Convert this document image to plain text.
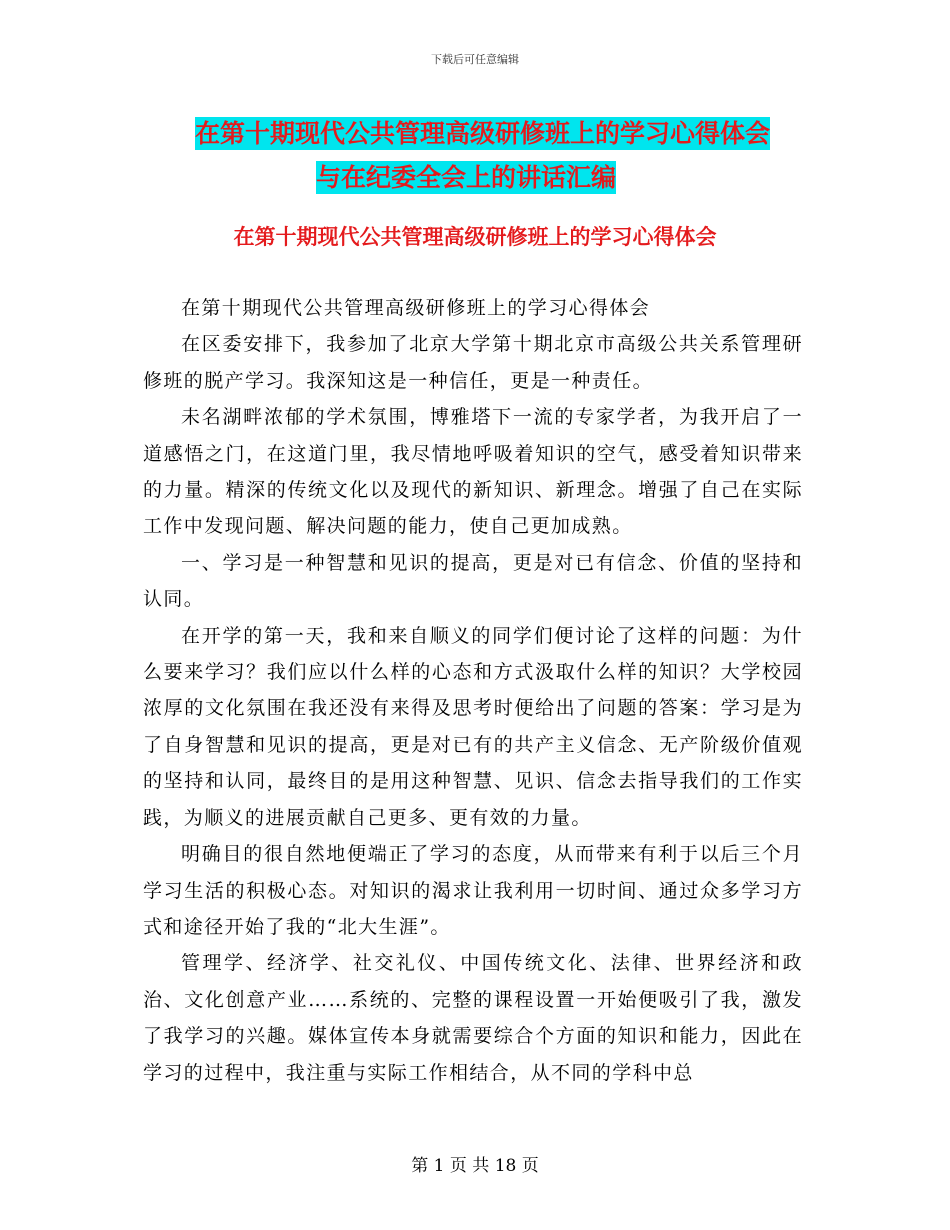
下载后可任意编辑
在第十期现代公共管理高级研修班上的学习心得体会
与在纪委全会上的讲话汇编
在第十期现代公共管理高级研修班上的学习心得体会

在第十期现代公共管理高级研修班上的学习心得体会

在区委安排下，我参加了北京大学第十期北京市高级公共关系管理研修班的脱产学习。我深知这是一种信任，更是一种责任。

未名湖畔浓郁的学术氛围，博雅塔下一流的专家学者，为我开启了一道感悟之门，在这道门里，我尽情地呼吸着知识的空气，感受着知识带来的力量。精深的传统文化以及现代的新知识、新理念。增强了自己在实际工作中发现问题、解决问题的能力，使自己更加成熟。

一、学习是一种智慧和见识的提高，更是对已有信念、价值的坚持和认同。

在开学的第一天，我和来自顺义的同学们便讨论了这样的问题：为什么要来学习？我们应以什么样的心态和方式汲取什么样的知识？大学校园浓厚的文化氛围在我还没有来得及思考时便给出了问题的答案：学习是为了自身智慧和见识的提高，更是对已有的共产主义信念、无产阶级价值观的坚持和认同，最终目的是用这种智慧、见识、信念去指导我们的工作实践，为顺义的进展贡献自己更多、更有效的力量。

明确目的很自然地便端正了学习的态度，从而带来有利于以后三个月学习生活的积极心态。对知识的渴求让我利用一切时间、通过众多学习方式和途径开始了我的“北大生涯”。

管理学、经济学、社交礼仪、中国传统文化、法律、世界经济和政治、文化创意产业……系统的、完整的课程设置一开始便吸引了我，激发了我学习的兴趣。媒体宣传本身就需要综合个方面的知识和能力，因此在学习的过程中，我注重与实际工作相结合，从不同的学科中总

第 1 页 共 18 页
